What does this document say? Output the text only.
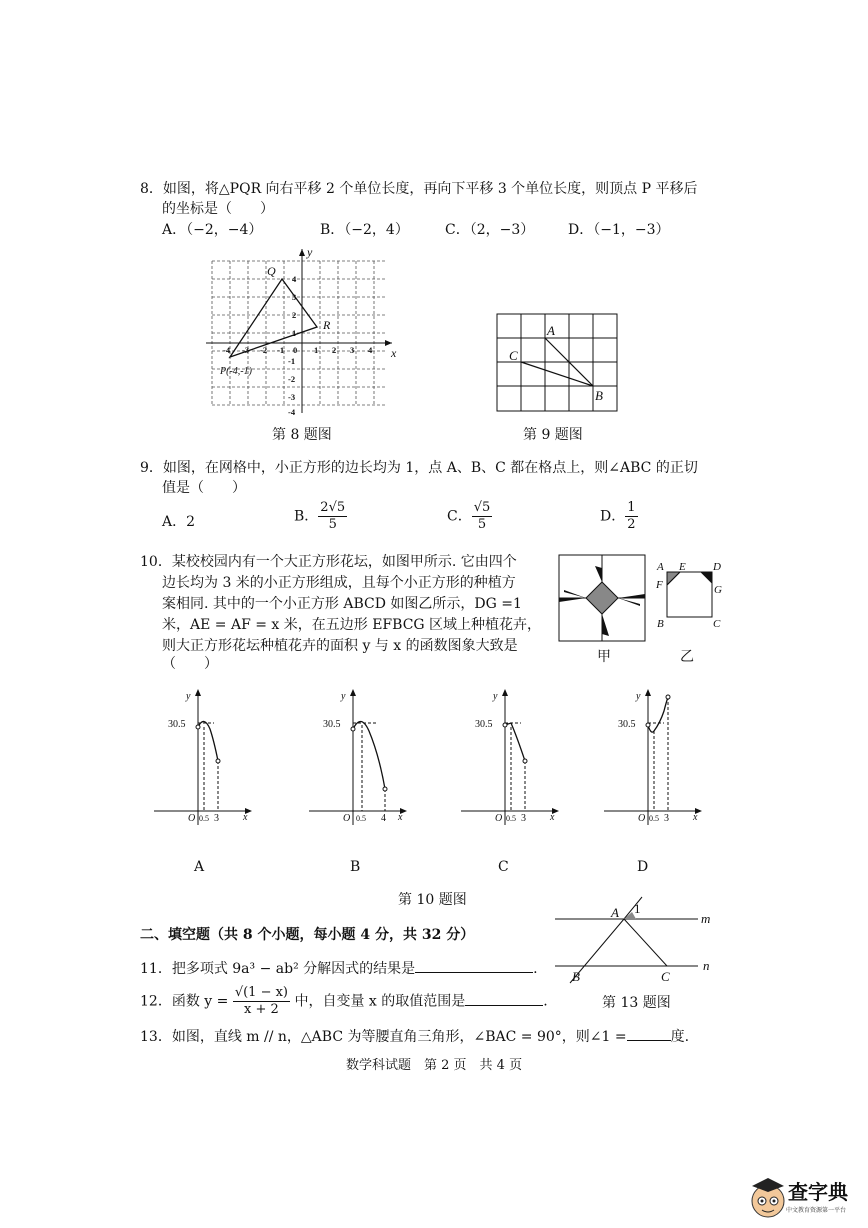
8．如图，将△PQR 向右平移 2 个单位长度，再向下平移 3 个单位长度，则顶点 P 平移后
的坐标是（　　）
A．（−2，−4）	B．（−2，4）	C．（2，−3） D．（−1，−3）
-4 -3 -2 -1 0 1 2 3 4
4
3
2
1
-1
-2
-3
-4
x
y
Q
R
P(-4,-1)
第 8 题图
A
C
B
第 9 题图
9．如图，在网格中，小正方形的边长均为 1，点 A、B、C 都在格点上，则∠ABC 的正切
值是（　　）
A．2	B． $\frac{2√5}{5}$	C． $\frac{√5}{5}$	D． $\frac{1}{2}$
10．某校校园内有一个大正方形花坛，如图甲所示. 它由四个
边长均为 3 米的小正方形组成，且每个小正方形的种植方
案相同. 其中的一个小正方形 ABCD 如图乙所示，DG =1
米，AE = AF = x 米，在五边形 EFBCG 区域上种植花卉，
则大正方形花坛种植花卉的面积 y 与 x 的函数图象大致是
（　　）	甲
A E D
F	G
B	C
乙
30.5
0.5 3
O	x
y
A
30.5
0.5 4
O	x
y
B
30.5
0.5 3
O	x
y
C
30.5
0.5 3
O	x
y
D
第 10 题图
A 1
B	C
m
n
第 13 题图
二、填空题（共 8 个小题，每小题 4 分，共 32 分）
11．把多项式 9a³ − ab² 分解因式的结果是	.
12．函数 $y = \frac{√(1 - x)}{x + 2}$ 中，自变量 x 的取值范围是	.
13．如图，直线 m // n，△ABC 为等腰直角三角形，∠BAC = 90°，则∠1 =	度.
数学科试题　第 2 页　共 4 页
查字典
中文教育资源第一平台
